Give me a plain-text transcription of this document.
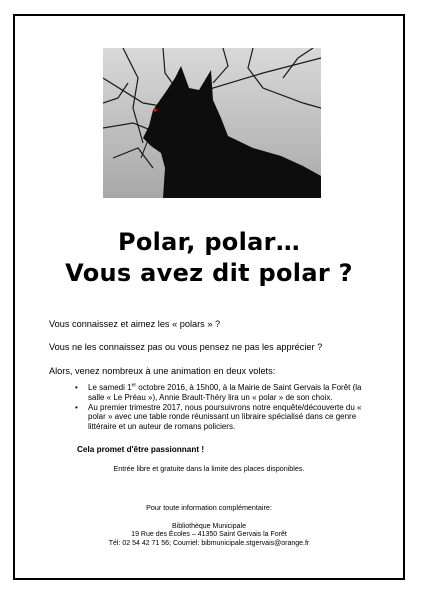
Polar, polar…
Vous avez dit polar ?
Vous connaissez et aimez les « polars » ?
Vous ne les connaissez pas ou vous pensez ne pas les apprécier ?
Alors, venez nombreux à une animation en deux volets:
• Le samedi 1er octobre 2016, à 15h00, à la Mairie de Saint Gervais la Forêt (la salle « Le Préau »), Annie Brault-Théry lira un « polar » de son choix.
• Au premier trimestre 2017, nous poursuivrons notre enquête/découverte du « polar » avec une table ronde réunissant un libraire spécialisé dans ce genre littéraire et un auteur de romans policiers.
Cela promet d'être passionnant !
Entrée libre et gratuite dans la limite des places disponibles.
Pour toute information complémentaire:
Bibliothèque Municipale
19 Rue des Écoles – 41350 Saint Gervais la Forêt
Tél: 02 54 42 71 56; Courriel: bibmunicipale.stgervais@orange.fr
